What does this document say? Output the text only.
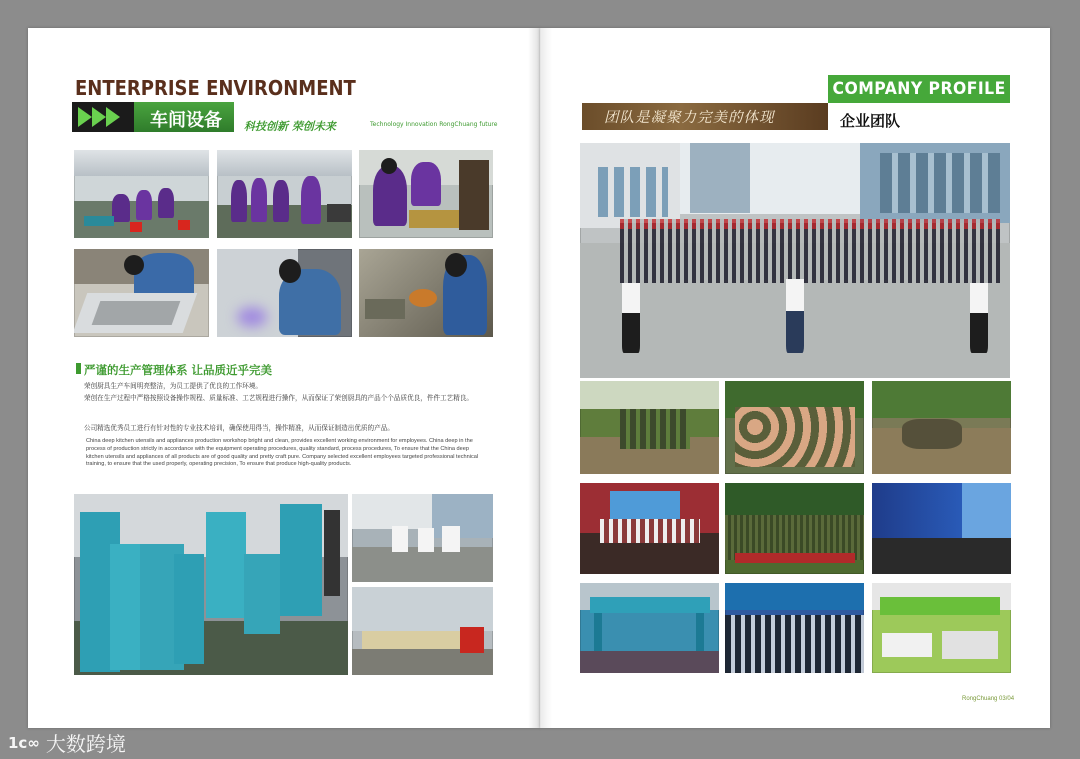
ENTERPRISE ENVIRONMENT
车间设备 科技创新 荣创未来	Technology Innovation RongChuang future
严谨的生产管理体系 让品质近乎完美
荣创厨具生产车间明亮整洁，为员工提供了优良的工作环境。
荣创在生产过程中严格按照设备操作规程、质量标准、工艺规程进行操作，从而保证了荣创厨具的产品个个品质优良，件件工艺精良。
公司精选优秀员工进行有针对性的专业技术培训，确保使用得当，操作精准，从而保证制造出优质的产品。
China deep kitchen utensils and appliances production workshop bright and clean, provides excellent working environment for employees. China deep in the process of production strictly in accordance with the equipment operating procedures, quality standard, process procedures, To ensure that the China deep kitchen utensils and appliances of all products are of good quality and pretty craft pure. Company selected excellent employees targeted professional technical training, to ensure that the used properly, operating precision, To ensure that produce high-quality products.
COMPANY PROFILE
团队是凝聚力完美的体现	企业团队
RongChuang 03/04
1c∞ 大数跨境
